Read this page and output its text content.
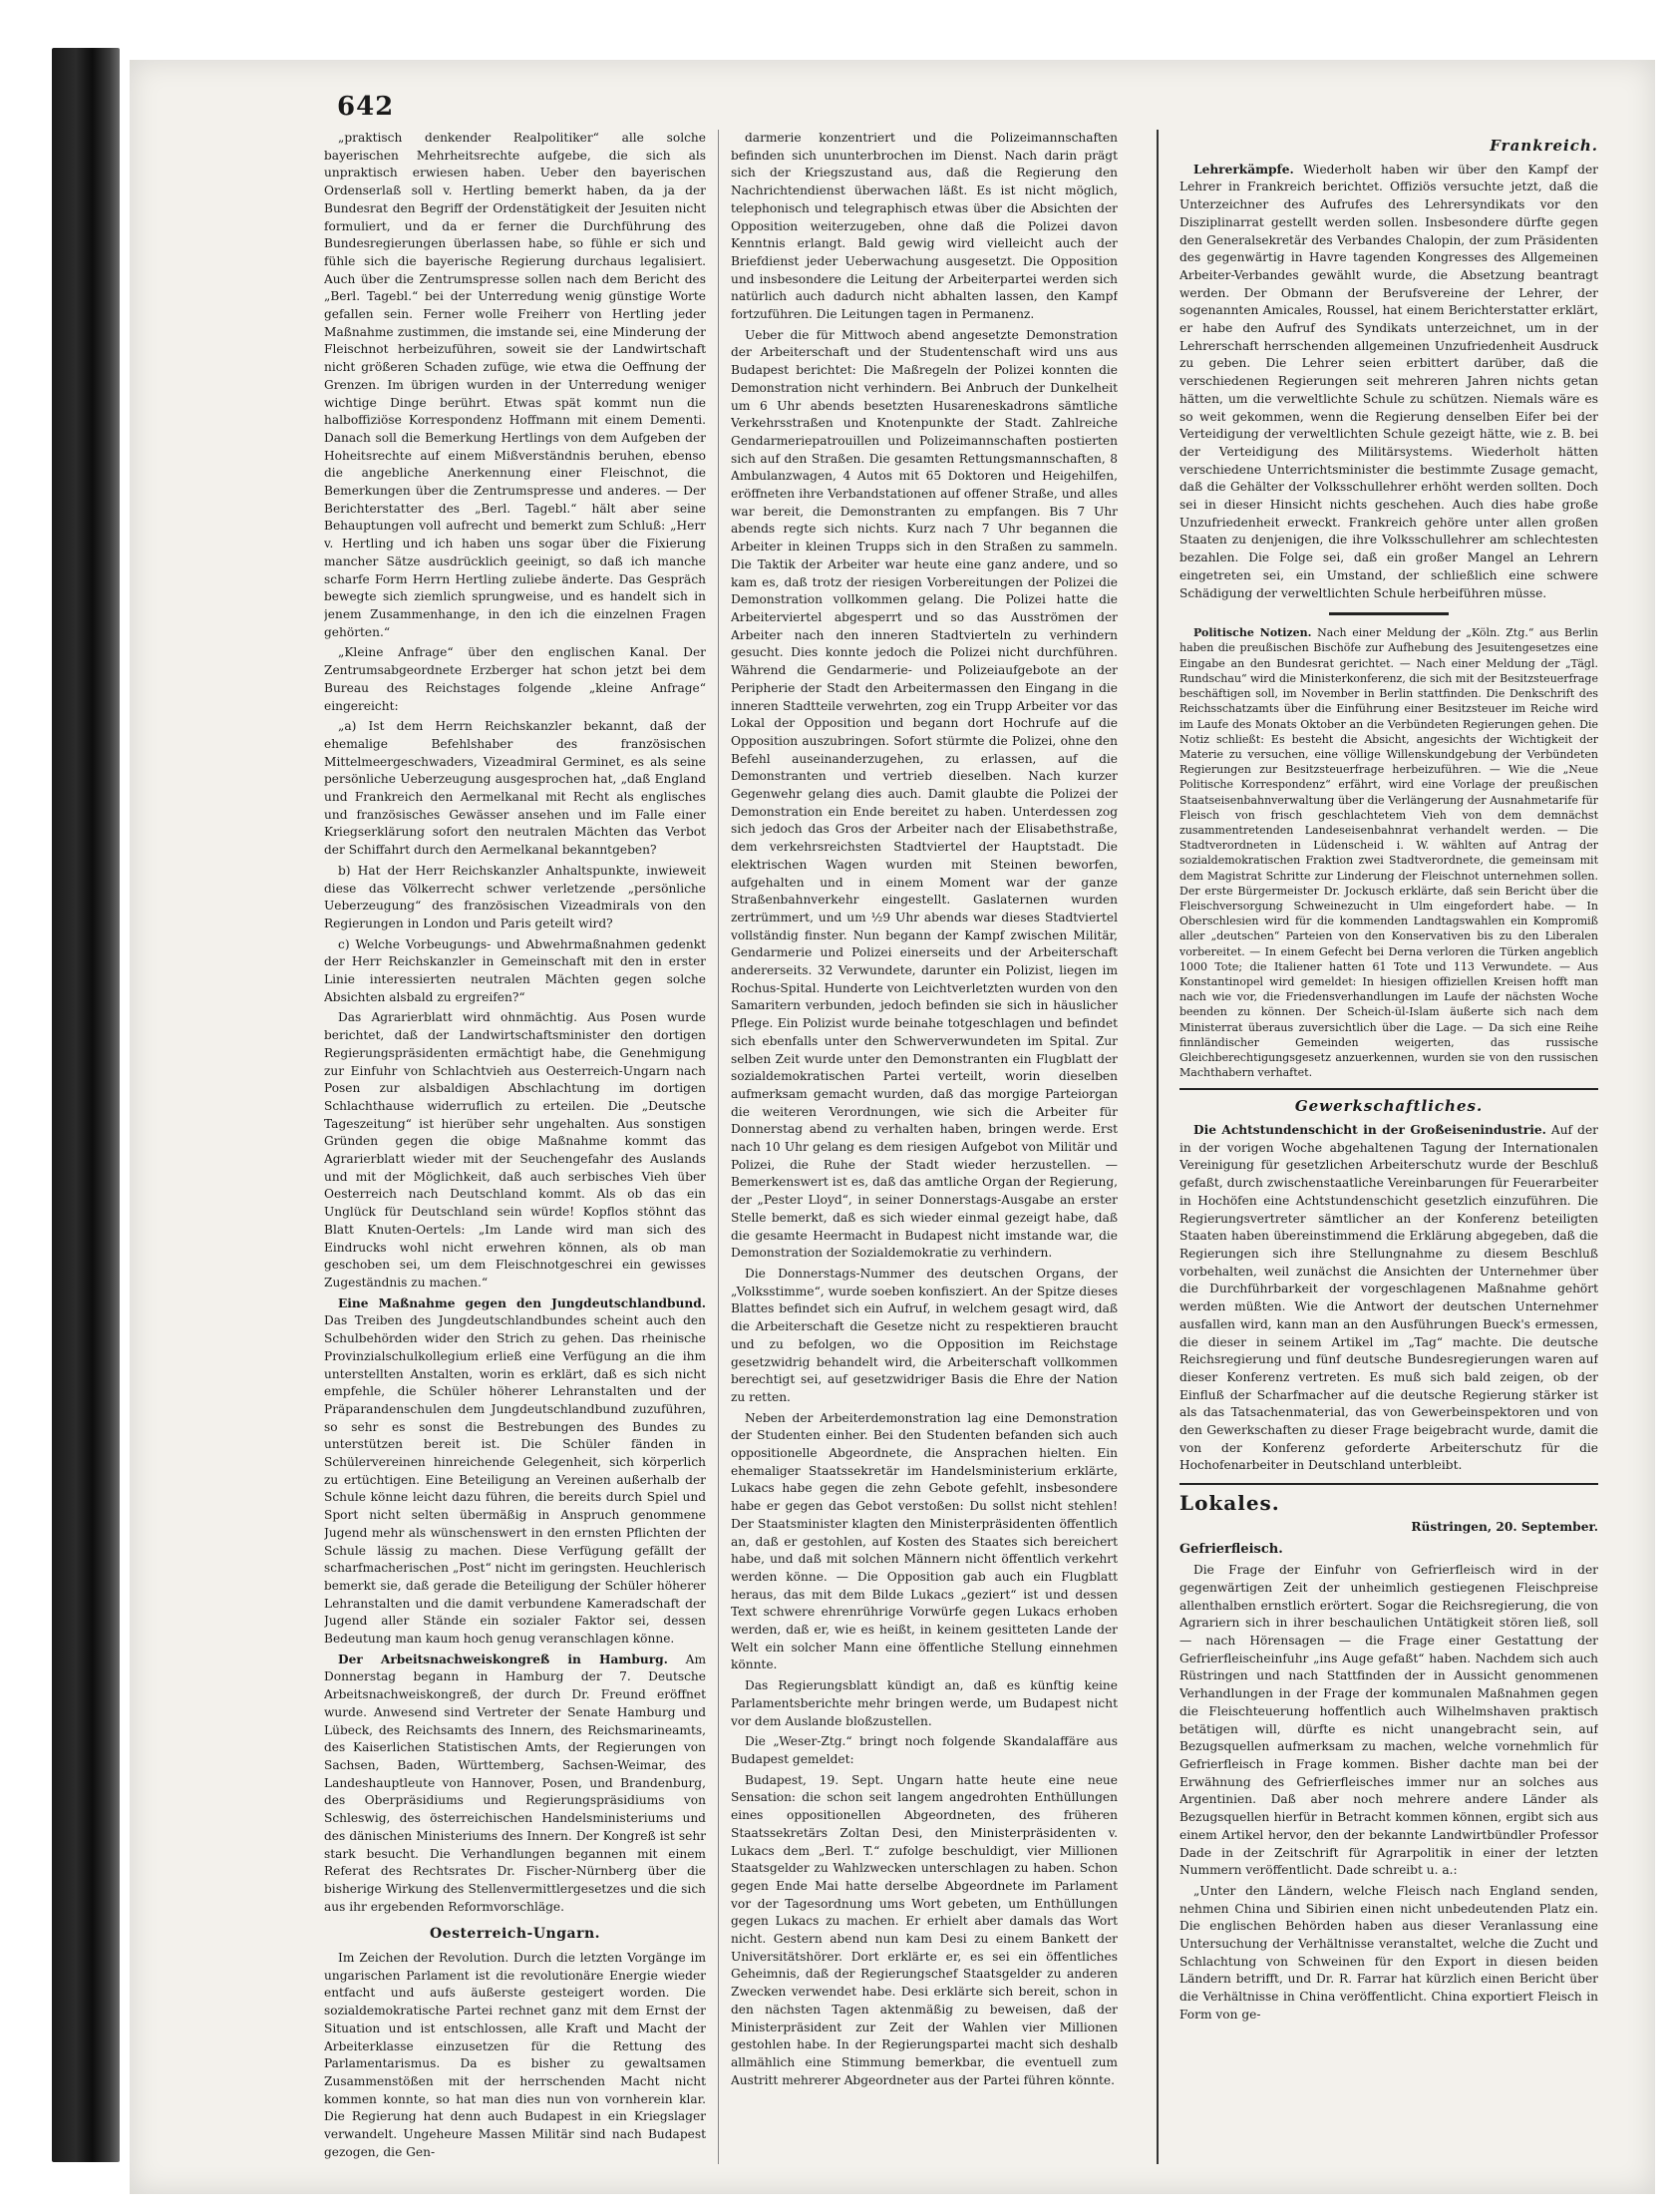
642

„praktisch denkender Realpolitiker“ alle solche bayerischen Mehrheitsrechte aufgebe, die sich als unpraktisch erwiesen haben. Ueber den bayerischen Ordenserlaß soll v. Hertling bemerkt haben, da ja der Bundesrat den Begriff der Ordenstätigkeit der Jesuiten nicht formuliert, und da er ferner die Durchführung des Bundesregierungen überlassen habe, so fühle er sich und fühle sich die bayerische Regierung durchaus legalisiert. Auch über die Zentrumspresse sollen nach dem Bericht des „Berl. Tagebl.“ bei der Unterredung wenig günstige Worte gefallen sein. Ferner wolle Freiherr von Hertling jeder Maßnahme zustimmen, die imstande sei, eine Minderung der Fleischnot herbeizuführen, soweit sie der Landwirtschaft nicht größeren Schaden zufüge, wie etwa die Oeffnung der Grenzen. Im übrigen wurden in der Unterredung weniger wichtige Dinge berührt. Etwas spät kommt nun die halboffiziöse Korrespondenz Hoffmann mit einem Dementi. Danach soll die Bemerkung Hertlings von dem Aufgeben der Hoheitsrechte auf einem Mißverständnis beruhen, ebenso die angebliche Anerkennung einer Fleischnot, die Bemerkungen über die Zentrumspresse und anderes. — Der Berichterstatter des „Berl. Tagebl.“ hält aber seine Behauptungen voll aufrecht und bemerkt zum Schluß: „Herr v. Hertling und ich haben uns sogar über die Fixierung mancher Sätze ausdrücklich geeinigt, so daß ich manche scharfe Form Herrn Hertling zuliebe änderte. Das Gespräch bewegte sich ziemlich sprungweise, und es handelt sich in jenem Zusammenhange, in den ich die einzelnen Fragen gehörten.“

„Kleine Anfrage“ über den englischen Kanal. Der Zentrumsabgeordnete Erzberger hat schon jetzt bei dem Bureau des Reichstages folgende „kleine Anfrage“ eingereicht:

„a) Ist dem Herrn Reichskanzler bekannt, daß der ehemalige Befehlshaber des französischen Mittelmeergeschwaders, Vizeadmiral Germinet, es als seine persönliche Ueberzeugung ausgesprochen hat, „daß England und Frankreich den Aermelkanal mit Recht als englisches und französisches Gewässer ansehen und im Falle einer Kriegserklärung sofort den neutralen Mächten das Verbot der Schiffahrt durch den Aermelkanal bekanntgeben?

b) Hat der Herr Reichskanzler Anhaltspunkte, inwieweit diese das Völkerrecht schwer verletzende „persönliche Ueberzeugung“ des französischen Vizeadmirals von den Regierungen in London und Paris geteilt wird?

c) Welche Vorbeugungs- und Abwehrmaßnahmen gedenkt der Herr Reichskanzler in Gemeinschaft mit den in erster Linie interessierten neutralen Mächten gegen solche Absichten alsbald zu ergreifen?“

Das Agrarierblatt wird ohnmächtig. Aus Posen wurde berichtet, daß der Landwirtschaftsminister den dortigen Regierungspräsidenten ermächtigt habe, die Genehmigung zur Einfuhr von Schlachtvieh aus Oesterreich-Ungarn nach Posen zur alsbaldigen Abschlachtung im dortigen Schlachthause widerruflich zu erteilen. Die „Deutsche Tageszeitung“ ist hierüber sehr ungehalten. Aus sonstigen Gründen gegen die obige Maßnahme kommt das Agrarierblatt wieder mit der Seuchengefahr des Auslands und mit der Möglichkeit, daß auch serbisches Vieh über Oesterreich nach Deutschland kommt. Als ob das ein Unglück für Deutschland sein würde! Kopflos stöhnt das Blatt Knuten-Oertels: „Im Lande wird man sich des Eindrucks wohl nicht erwehren können, als ob man geschoben sei, um dem Fleischnotgeschrei ein gewisses Zugeständnis zu machen.“

Eine Maßnahme gegen den Jungdeutschlandbund. Das Treiben des Jungdeutschlandbundes scheint auch den Schulbehörden wider den Strich zu gehen. Das rheinische Provinzialschulkollegium erließ eine Verfügung an die ihm unterstellten Anstalten, worin es erklärt, daß es sich nicht empfehle, die Schüler höherer Lehranstalten und der Präparandenschulen dem Jungdeutschlandbund zuzuführen, so sehr es sonst die Bestrebungen des Bundes zu unterstützen bereit ist. Die Schüler fänden in Schülervereinen hinreichende Gelegenheit, sich körperlich zu ertüchtigen. Eine Beteiligung an Vereinen außerhalb der Schule könne leicht dazu führen, die bereits durch Spiel und Sport nicht selten übermäßig in Anspruch genommene Jugend mehr als wünschenswert in den ernsten Pflichten der Schule lässig zu machen. Diese Verfügung gefällt der scharfmacherischen „Post“ nicht im geringsten. Heuchlerisch bemerkt sie, daß gerade die Beteiligung der Schüler höherer Lehranstalten und die damit verbundene Kameradschaft der Jugend aller Stände ein sozialer Faktor sei, dessen Bedeutung man kaum hoch genug veranschlagen könne.

Der Arbeitsnachweiskongreß in Hamburg. Am Donnerstag begann in Hamburg der 7. Deutsche Arbeitsnachweiskongreß, der durch Dr. Freund eröffnet wurde. Anwesend sind Vertreter der Senate Hamburg und Lübeck, des Reichsamts des Innern, des Reichsmarineamts, des Kaiserlichen Statistischen Amts, der Regierungen von Sachsen, Baden, Württemberg, Sachsen-Weimar, des Landeshauptleute von Hannover, Posen, und Brandenburg, des Oberpräsidiums und Regierungspräsidiums von Schleswig, des österreichischen Handelsministeriums und des dänischen Ministeriums des Innern. Der Kongreß ist sehr stark besucht. Die Verhandlungen begannen mit einem Referat des Rechtsrates Dr. Fischer-Nürnberg über die bisherige Wirkung des Stellenvermittlergesetzes und die sich aus ihr ergebenden Reformvorschläge.

Oesterreich-Ungarn.

Im Zeichen der Revolution. Durch die letzten Vorgänge im ungarischen Parlament ist die revolutionäre Energie wieder entfacht und aufs äußerste gesteigert worden. Die sozialdemokratische Partei rechnet ganz mit dem Ernst der Situation und ist entschlossen, alle Kraft und Macht der Arbeiterklasse einzusetzen für die Rettung des Parlamentarismus. Da es bisher zu gewaltsamen Zusammenstößen mit der herrschenden Macht nicht kommen konnte, so hat man dies nun von vornherein klar. Die Regierung hat denn auch Budapest in ein Kriegslager verwandelt. Ungeheure Massen Militär sind nach Budapest gezogen, die Gen-

darmerie konzentriert und die Polizeimannschaften befinden sich ununterbrochen im Dienst. Nach darin prägt sich der Kriegszustand aus, daß die Regierung den Nachrichtendienst überwachen läßt. Es ist nicht möglich, telephonisch und telegraphisch etwas über die Absichten der Opposition weiterzugeben, ohne daß die Polizei davon Kenntnis erlangt. Bald gewig wird vielleicht auch der Briefdienst jeder Ueberwachung ausgesetzt. Die Opposition und insbesondere die Leitung der Arbeiterpartei werden sich natürlich auch dadurch nicht abhalten lassen, den Kampf fortzuführen. Die Leitungen tagen in Permanenz.

Ueber die für Mittwoch abend angesetzte Demonstration der Arbeiterschaft und der Studentenschaft wird uns aus Budapest berichtet: Die Maßregeln der Polizei konnten die Demonstration nicht verhindern. Bei Anbruch der Dunkelheit um 6 Uhr abends besetzten Husareneskadrons sämtliche Verkehrsstraßen und Knotenpunkte der Stadt. Zahlreiche Gendarmeriepatrouillen und Polizeimannschaften postierten sich auf den Straßen. Die gesamten Rettungsmannschaften, 8 Ambulanzwagen, 4 Autos mit 65 Doktoren und Heigehilfen, eröffneten ihre Verbandstationen auf offener Straße, und alles war bereit, die Demonstranten zu empfangen. Bis 7 Uhr abends regte sich nichts. Kurz nach 7 Uhr begannen die Arbeiter in kleinen Trupps sich in den Straßen zu sammeln. Die Taktik der Arbeiter war heute eine ganz andere, und so kam es, daß trotz der riesigen Vorbereitungen der Polizei die Demonstration vollkommen gelang. Die Polizei hatte die Arbeiterviertel abgesperrt und so das Ausströmen der Arbeiter nach den inneren Stadtvierteln zu verhindern gesucht. Dies konnte jedoch die Polizei nicht durchführen. Während die Gendarmerie- und Polizeiaufgebote an der Peripherie der Stadt den Arbeitermassen den Eingang in die inneren Stadtteile verwehrten, zog ein Trupp Arbeiter vor das Lokal der Opposition und begann dort Hochrufe auf die Opposition auszubringen. Sofort stürmte die Polizei, ohne den Befehl auseinanderzugehen, zu erlassen, auf die Demonstranten und vertrieb dieselben. Nach kurzer Gegenwehr gelang dies auch. Damit glaubte die Polizei der Demonstration ein Ende bereitet zu haben. Unterdessen zog sich jedoch das Gros der Arbeiter nach der Elisabethstraße, dem verkehrsreichsten Stadtviertel der Hauptstadt. Die elektrischen Wagen wurden mit Steinen beworfen, aufgehalten und in einem Moment war der ganze Straßenbahnverkehr eingestellt. Gaslaternen wurden zertrümmert, und um ½9 Uhr abends war dieses Stadtviertel vollständig finster. Nun begann der Kampf zwischen Militär, Gendarmerie und Polizei einerseits und der Arbeiterschaft andererseits. 32 Verwundete, darunter ein Polizist, liegen im Rochus-Spital. Hunderte von Leichtverletzten wurden von den Samaritern verbunden, jedoch befinden sie sich in häuslicher Pflege. Ein Polizist wurde beinahe totgeschlagen und befindet sich ebenfalls unter den Schwerverwundeten im Spital. Zur selben Zeit wurde unter den Demonstranten ein Flugblatt der sozialdemokratischen Partei verteilt, worin dieselben aufmerksam gemacht wurden, daß das morgige Parteiorgan die weiteren Verordnungen, wie sich die Arbeiter für Donnerstag abend zu verhalten haben, bringen werde. Erst nach 10 Uhr gelang es dem riesigen Aufgebot von Militär und Polizei, die Ruhe der Stadt wieder herzustellen. — Bemerkenswert ist es, daß das amtliche Organ der Regierung, der „Pester Lloyd“, in seiner Donnerstags-Ausgabe an erster Stelle bemerkt, daß es sich wieder einmal gezeigt habe, daß die gesamte Heermacht in Budapest nicht imstande war, die Demonstration der Sozialdemokratie zu verhindern.

Die Donnerstags-Nummer des deutschen Organs, der „Volksstimme“, wurde soeben konfisziert. An der Spitze dieses Blattes befindet sich ein Aufruf, in welchem gesagt wird, daß die Arbeiterschaft die Gesetze nicht zu respektieren braucht und zu befolgen, wo die Opposition im Reichstage gesetzwidrig behandelt wird, die Arbeiterschaft vollkommen berechtigt sei, auf gesetzwidriger Basis die Ehre der Nation zu retten.

Neben der Arbeiterdemonstration lag eine Demonstration der Studenten einher. Bei den Studenten befanden sich auch oppositionelle Abgeordnete, die Ansprachen hielten. Ein ehemaliger Staatssekretär im Handelsministerium erklärte, Lukacs habe gegen die zehn Gebote gefehlt, insbesondere habe er gegen das Gebot verstoßen: Du sollst nicht stehlen! Der Staatsminister klagten den Ministerpräsidenten öffentlich an, daß er gestohlen, auf Kosten des Staates sich bereichert habe, und daß mit solchen Männern nicht öffentlich verkehrt werden könne. — Die Opposition gab auch ein Flugblatt heraus, das mit dem Bilde Lukacs „geziert“ ist und dessen Text schwere ehrenrührige Vorwürfe gegen Lukacs erhoben werden, daß er, wie es heißt, in keinem gesitteten Lande der Welt ein solcher Mann eine öffentliche Stellung einnehmen könnte.

Das Regierungsblatt kündigt an, daß es künftig keine Parlamentsberichte mehr bringen werde, um Budapest nicht vor dem Auslande bloßzustellen.

Die „Weser-Ztg.“ bringt noch folgende Skandalaffäre aus Budapest gemeldet:

Budapest, 19. Sept. Ungarn hatte heute eine neue Sensation: die schon seit langem angedrohten Enthüllungen eines oppositionellen Abgeordneten, des früheren Staatssekretärs Zoltan Desi, den Ministerpräsidenten v. Lukacs dem „Berl. T.“ zufolge beschuldigt, vier Millionen Staatsgelder zu Wahlzwecken unterschlagen zu haben. Schon gegen Ende Mai hatte derselbe Abgeordnete im Parlament vor der Tagesordnung ums Wort gebeten, um Enthüllungen gegen Lukacs zu machen. Er erhielt aber damals das Wort nicht. Gestern abend nun kam Desi zu einem Bankett der Universitätshörer. Dort erklärte er, es sei ein öffentliches Geheimnis, daß der Regierungschef Staatsgelder zu anderen Zwecken verwendet habe. Desi erklärte sich bereit, schon in den nächsten Tagen aktenmäßig zu beweisen, daß der Ministerpräsident zur Zeit der Wahlen vier Millionen gestohlen habe. In der Regierungspartei macht sich deshalb allmählich eine Stimmung bemerkbar, die eventuell zum Austritt mehrerer Abgeordneter aus der Partei führen könnte.

Frankreich.

Lehrerkämpfe. Wiederholt haben wir über den Kampf der Lehrer in Frankreich berichtet. Offiziös versuchte jetzt, daß die Unterzeichner des Aufrufes des Lehrersyndikats vor den Disziplinarrat gestellt werden sollen. Insbesondere dürfte gegen den Generalsekretär des Verbandes Chalopin, der zum Präsidenten des gegenwärtig in Havre tagenden Kongresses des Allgemeinen Arbeiter-Verbandes gewählt wurde, die Absetzung beantragt werden. Der Obmann der Berufsvereine der Lehrer, der sogenannten Amicales, Roussel, hat einem Berichterstatter erklärt, er habe den Aufruf des Syndikats unterzeichnet, um in der Lehrerschaft herrschenden allgemeinen Unzufriedenheit Ausdruck zu geben. Die Lehrer seien erbittert darüber, daß die verschiedenen Regierungen seit mehreren Jahren nichts getan hätten, um die verweltlichte Schule zu schützen. Niemals wäre es so weit gekommen, wenn die Regierung denselben Eifer bei der Verteidigung der verweltlichten Schule gezeigt hätte, wie z. B. bei der Verteidigung des Militärsystems. Wiederholt hätten verschiedene Unterrichtsminister die bestimmte Zusage gemacht, daß die Gehälter der Volksschullehrer erhöht werden sollten. Doch sei in dieser Hinsicht nichts geschehen. Auch dies habe große Unzufriedenheit erweckt. Frankreich gehöre unter allen großen Staaten zu denjenigen, die ihre Volksschullehrer am schlechtesten bezahlen. Die Folge sei, daß ein großer Mangel an Lehrern eingetreten sei, ein Umstand, der schließlich eine schwere Schädigung der verweltlichten Schule herbeiführen müsse.

Politische Notizen. Nach einer Meldung der „Köln. Ztg.“ aus Berlin haben die preußischen Bischöfe zur Aufhebung des Jesuitengesetzes eine Eingabe an den Bundesrat gerichtet. — Nach einer Meldung der „Tägl. Rundschau“ wird die Ministerkonferenz, die sich mit der Besitzsteuerfrage beschäftigen soll, im November in Berlin stattfinden. Die Denkschrift des Reichsschatzamts über die Einführung einer Besitzsteuer im Reiche wird im Laufe des Monats Oktober an die Verbündeten Regierungen gehen. Die Notiz schließt: Es besteht die Absicht, angesichts der Wichtigkeit der Materie zu versuchen, eine völlige Willenskundgebung der Verbündeten Regierungen zur Besitzsteuerfrage herbeizuführen. — Wie die „Neue Politische Korrespondenz“ erfährt, wird eine Vorlage der preußischen Staatseisenbahnverwaltung über die Verlängerung der Ausnahmetarife für Fleisch von frisch geschlachtetem Vieh von dem demnächst zusammentretenden Landeseisenbahnrat verhandelt werden. — Die Stadtverordneten in Lüdenscheid i. W. wählten auf Antrag der sozialdemokratischen Fraktion zwei Stadtverordnete, die gemeinsam mit dem Magistrat Schritte zur Linderung der Fleischnot unternehmen sollen. Der erste Bürgermeister Dr. Jockusch erklärte, daß sein Bericht über die Fleischversorgung Schweinezucht in Ulm eingefordert habe. — In Oberschlesien wird für die kommenden Landtagswahlen ein Kompromiß aller „deutschen“ Parteien von den Konservativen bis zu den Liberalen vorbereitet. — In einem Gefecht bei Derna verloren die Türken angeblich 1000 Tote; die Italiener hatten 61 Tote und 113 Verwundete. — Aus Konstantinopel wird gemeldet: In hiesigen offiziellen Kreisen hofft man nach wie vor, die Friedensverhandlungen im Laufe der nächsten Woche beenden zu können. Der Scheich-ül-Islam äußerte sich nach dem Ministerrat überaus zuversichtlich über die Lage. — Da sich eine Reihe finnländischer Gemeinden weigerten, das russische Gleichberechtigungsgesetz anzuerkennen, wurden sie von den russischen Machthabern verhaftet.

Gewerkschaftliches.

Die Achtstundenschicht in der Großeisenindustrie. Auf der in der vorigen Woche abgehaltenen Tagung der Internationalen Vereinigung für gesetzlichen Arbeiterschutz wurde der Beschluß gefaßt, durch zwischenstaatliche Vereinbarungen für Feuerarbeiter in Hochöfen eine Achtstundenschicht gesetzlich einzuführen. Die Regierungsvertreter sämtlicher an der Konferenz beteiligten Staaten haben übereinstimmend die Erklärung abgegeben, daß die Regierungen sich ihre Stellungnahme zu diesem Beschluß vorbehalten, weil zunächst die Ansichten der Unternehmer über die Durchführbarkeit der vorgeschlagenen Maßnahme gehört werden müßten. Wie die Antwort der deutschen Unternehmer ausfallen wird, kann man an den Ausführungen Bueck's ermessen, die dieser in seinem Artikel im „Tag“ machte. Die deutsche Reichsregierung und fünf deutsche Bundesregierungen waren auf dieser Konferenz vertreten. Es muß sich bald zeigen, ob der Einfluß der Scharfmacher auf die deutsche Regierung stärker ist als das Tatsachenmaterial, das von Gewerbeinspektoren und von den Gewerkschaften zu dieser Frage beigebracht wurde, damit die von der Konferenz geforderte Arbeiterschutz für die Hochofenarbeiter in Deutschland unterbleibt.

Lokales.
Rüstringen, 20. September.
Gefrierfleisch.

Die Frage der Einfuhr von Gefrierfleisch wird in der gegenwärtigen Zeit der unheimlich gestiegenen Fleischpreise allenthalben ernstlich erörtert. Sogar die Reichsregierung, die von Agrariern sich in ihrer beschaulichen Untätigkeit stören ließ, soll — nach Hörensagen — die Frage einer Gestattung der Gefrierfleischeinfuhr „ins Auge gefaßt“ haben. Nachdem sich auch Rüstringen und nach Stattfinden der in Aussicht genommenen Verhandlungen in der Frage der kommunalen Maßnahmen gegen die Fleischteuerung hoffentlich auch Wilhelmshaven praktisch betätigen will, dürfte es nicht unangebracht sein, auf Bezugsquellen aufmerksam zu machen, welche vornehmlich für Gefrierfleisch in Frage kommen. Bisher dachte man bei der Erwähnung des Gefrierfleisches immer nur an solches aus Argentinien. Daß aber noch mehrere andere Länder als Bezugsquellen hierfür in Betracht kommen können, ergibt sich aus einem Artikel hervor, den der bekannte Landwirtbündler Professor Dade in der Zeitschrift für Agrarpolitik in einer der letzten Nummern veröffentlicht. Dade schreibt u. a.:

„Unter den Ländern, welche Fleisch nach England senden, nehmen China und Sibirien einen nicht unbedeutenden Platz ein. Die englischen Behörden haben aus dieser Veranlassung eine Untersuchung der Verhältnisse veranstaltet, welche die Zucht und Schlachtung von Schweinen für den Export in diesen beiden Ländern betrifft, und Dr. R. Farrar hat kürzlich einen Bericht über die Verhältnisse in China veröffentlicht. China exportiert Fleisch in Form von ge-
